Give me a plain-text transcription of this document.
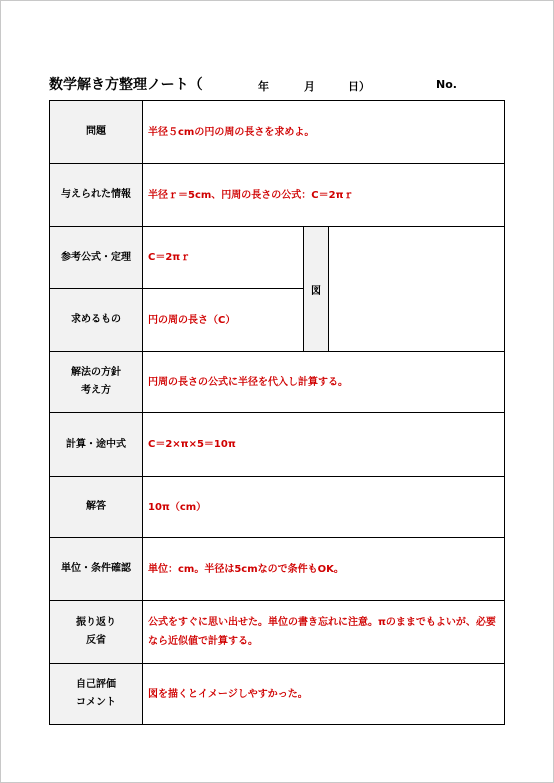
数学解き方整理ノート（	年	月	日）	No.
問題	半径５cmの円の周の長さを求めよ。		
与えられた情報	半径ｒ＝5cm、円周の長さの公式：C＝2πｒ		
参考公式・定理	C＝2πｒ	図	
求めるもの	円の周の長さ（C）		
解法の方針
考え方	円周の長さの公式に半径を代入し計算する。		
計算・途中式	C＝2×π×5＝10π		
解答	10π（cm）		
単位・条件確認	単位：cm。半径は5cmなので条件もOK。		
振り返り
反省	公式をすぐに思い出せた。単位の書き忘れに注意。πのままでもよいが、必要なら近似値で計算する。		
自己評価
コメント	図を描くとイメージしやすかった。		
